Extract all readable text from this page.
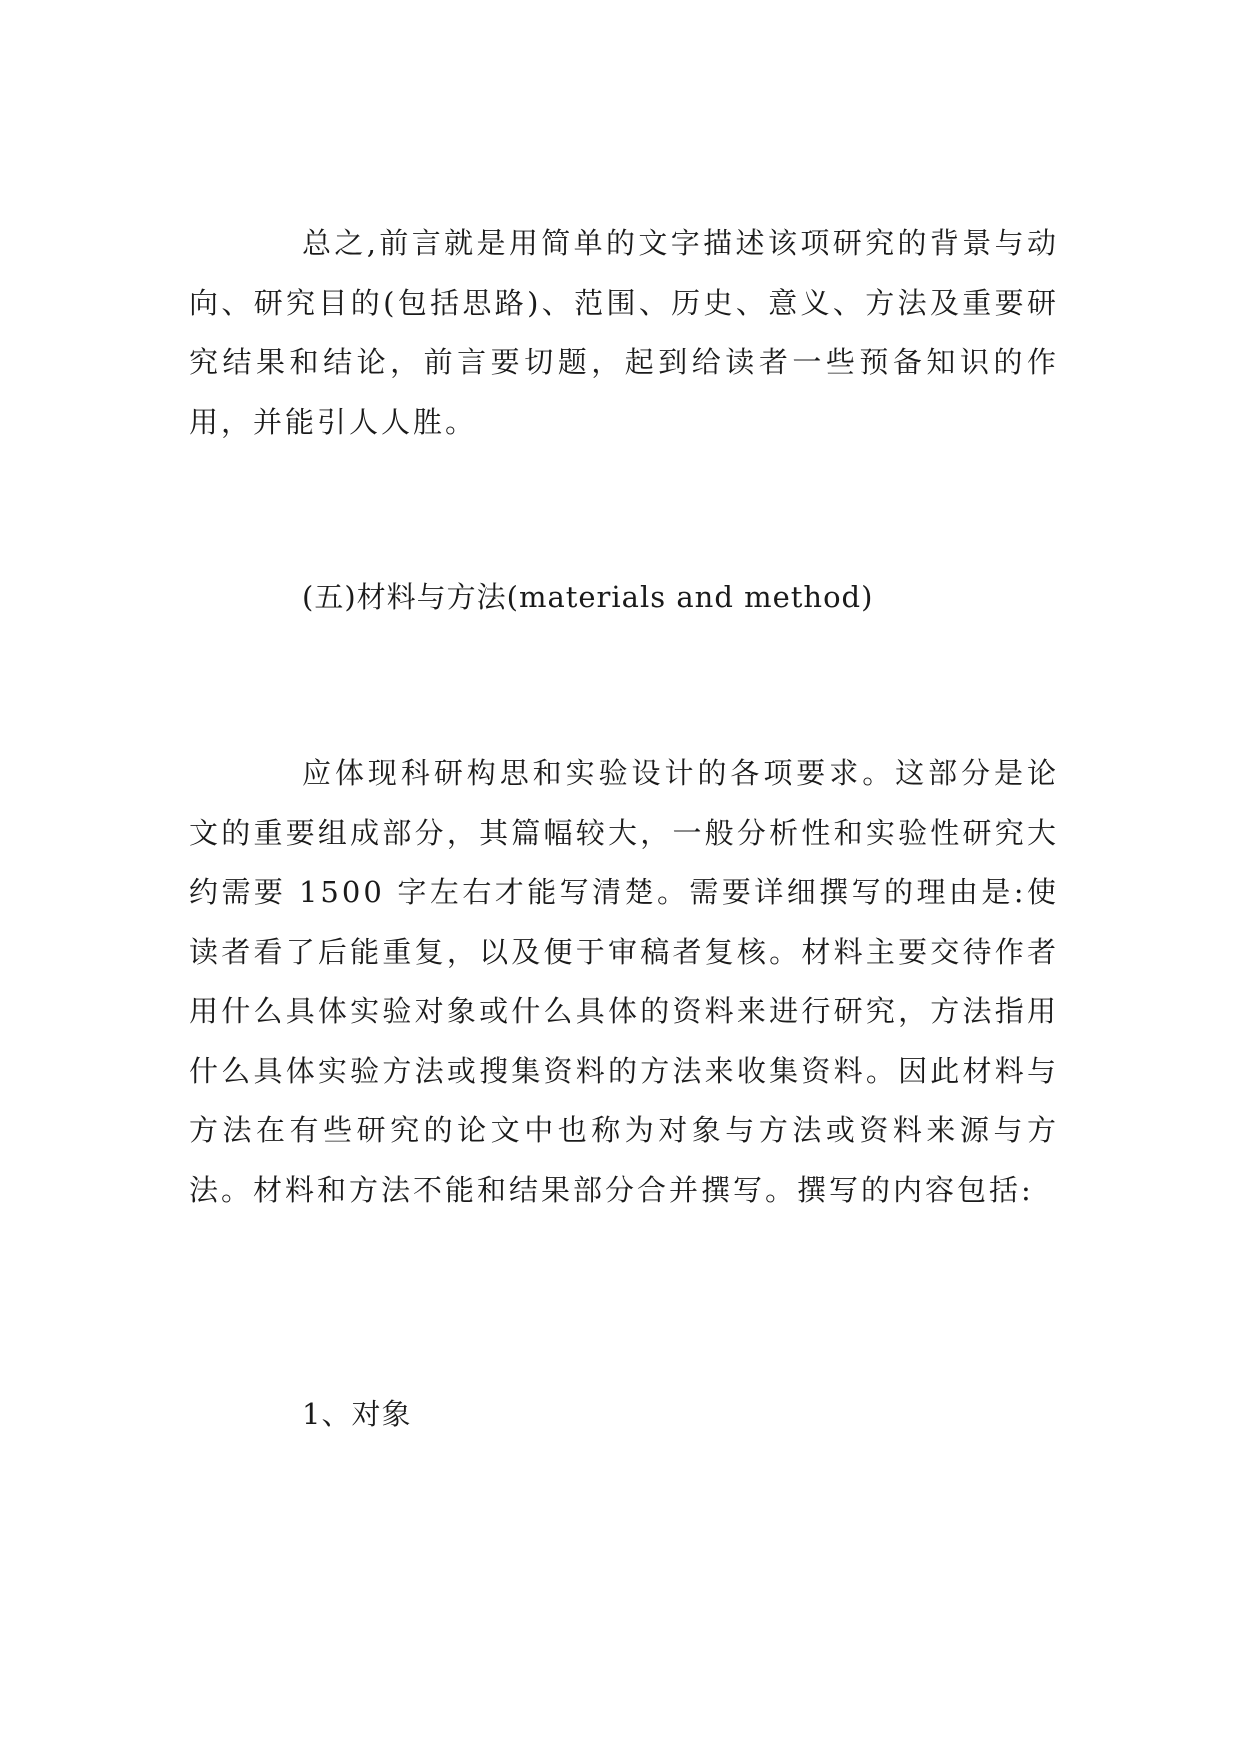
总之,前言就是用简单的文字描述该项研究的背景与动向、研究目的(包括思路)、范围、历史、意义、方法及重要研究结果和结论，前言要切题，起到给读者一些预备知识的作用，并能引人人胜。

(五)材料与方法(materials and method)

应体现科研构思和实验设计的各项要求。这部分是论文的重要组成部分，其篇幅较大，一般分析性和实验性研究大约需要 1500 字左右才能写清楚。需要详细撰写的理由是:使读者看了后能重复，以及便于审稿者复核。材料主要交待作者用什么具体实验对象或什么具体的资料来进行研究，方法指用什么具体实验方法或搜集资料的方法来收集资料。因此材料与方法在有些研究的论文中也称为对象与方法或资料来源与方法。材料和方法不能和结果部分合并撰写。撰写的内容包括:

1、对象
